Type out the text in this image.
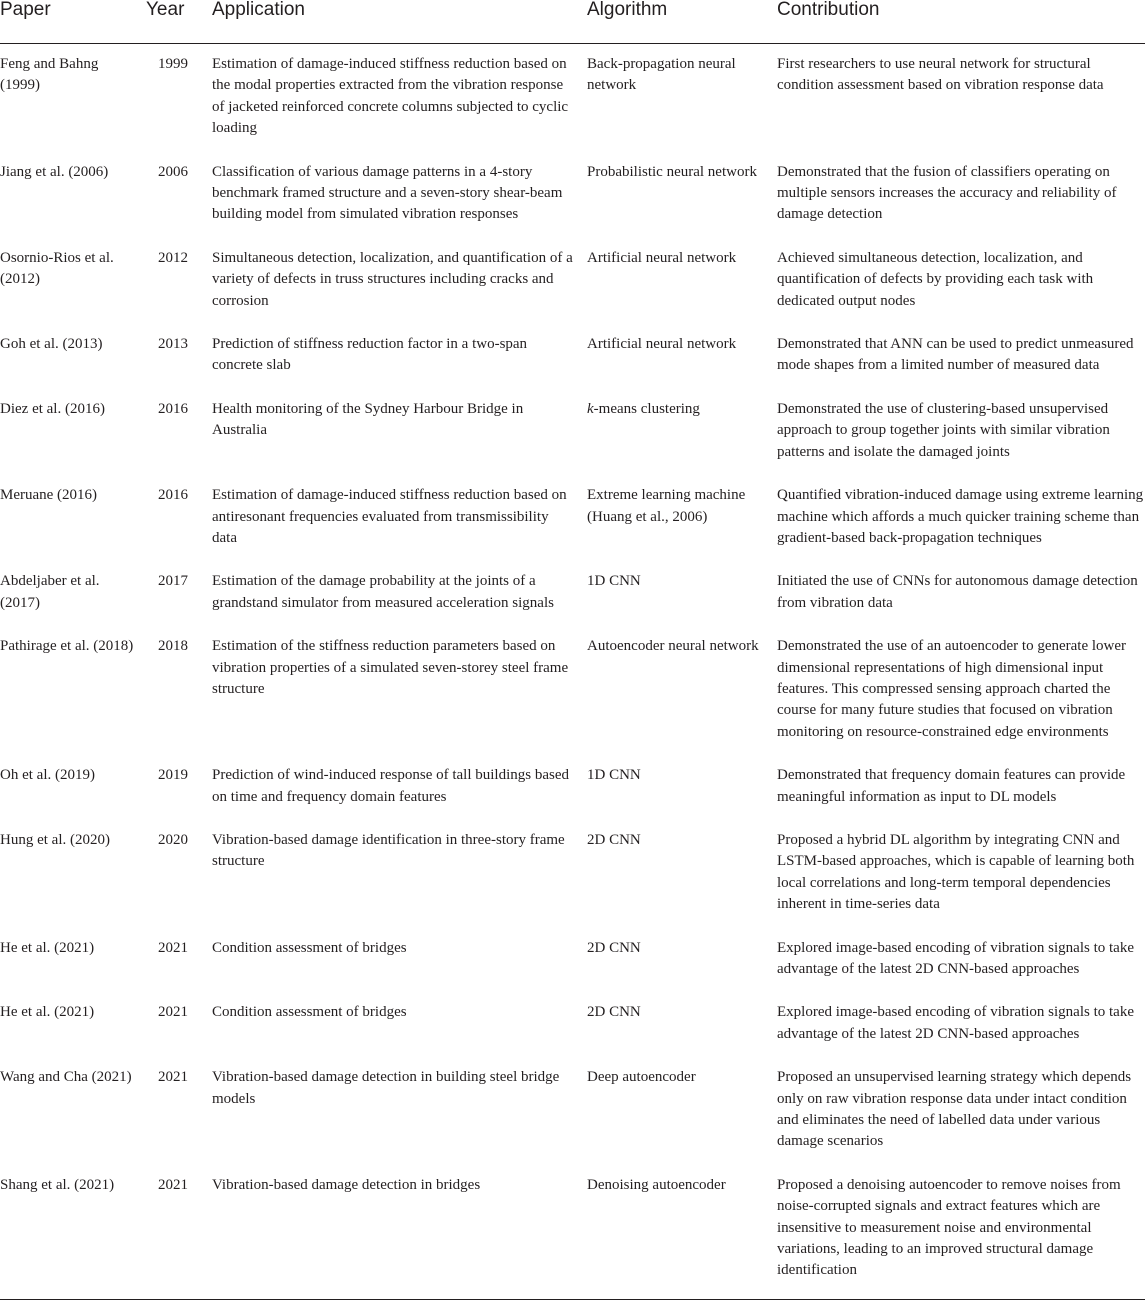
Paper	Year	Application	Algorithm	Contribution
Feng and Bahng (1999)	1999	Estimation of damage-induced stiffness reduction based on the modal properties extracted from the vibration response of jacketed reinforced concrete columns subjected to cyclic loading	Back-propagation neural network	First researchers to use neural network for structural condition assessment based on vibration response data
Jiang et al. (2006)	2006	Classification of various damage patterns in a 4-story benchmark framed structure and a seven-story shear-beam building model from simulated vibration responses	Probabilistic neural network	Demonstrated that the fusion of classifiers operating on multiple sensors increases the accuracy and reliability of damage detection
Osornio-Rios et al. (2012)	2012	Simultaneous detection, localization, and quantification of a variety of defects in truss structures including cracks and corrosion	Artificial neural network	Achieved simultaneous detection, localization, and quantification of defects by providing each task with dedicated output nodes
Goh et al. (2013)	2013	Prediction of stiffness reduction factor in a two-span concrete slab	Artificial neural network	Demonstrated that ANN can be used to predict unmeasured mode shapes from a limited number of measured data
Diez et al. (2016)	2016	Health monitoring of the Sydney Harbour Bridge in Australia	k-means clustering	Demonstrated the use of clustering-based unsupervised approach to group together joints with similar vibration patterns and isolate the damaged joints
Meruane (2016)	2016	Estimation of damage-induced stiffness reduction based on antiresonant frequencies evaluated from transmissibility data	Extreme learning machine (Huang et al., 2006)	Quantified vibration-induced damage using extreme learning machine which affords a much quicker training scheme than gradient-based back-propagation techniques
Abdeljaber et al. (2017)	2017	Estimation of the damage probability at the joints of a grandstand simulator from measured acceleration signals	1D CNN	Initiated the use of CNNs for autonomous damage detection from vibration data
Pathirage et al. (2018)	2018	Estimation of the stiffness reduction parameters based on vibration properties of a simulated seven-storey steel frame structure	Autoencoder neural network	Demonstrated the use of an autoencoder to generate lower dimensional representations of high dimensional input features. This compressed sensing approach charted the course for many future studies that focused on vibration monitoring on resource-constrained edge environments
Oh et al. (2019)	2019	Prediction of wind-induced response of tall buildings based on time and frequency domain features	1D CNN	Demonstrated that frequency domain features can provide meaningful information as input to DL models
Hung et al. (2020)	2020	Vibration-based damage identification in three-story frame structure	2D CNN	Proposed a hybrid DL algorithm by integrating CNN and LSTM-based approaches, which is capable of learning both local correlations and long-term temporal dependencies inherent in time-series data
He et al. (2021)	2021	Condition assessment of bridges	2D CNN	Explored image-based encoding of vibration signals to take advantage of the latest 2D CNN-based approaches
He et al. (2021)	2021	Condition assessment of bridges	2D CNN	Explored image-based encoding of vibration signals to take advantage of the latest 2D CNN-based approaches
Wang and Cha (2021)	2021	Vibration-based damage detection in building steel bridge models	Deep autoencoder	Proposed an unsupervised learning strategy which depends only on raw vibration response data under intact condition and eliminates the need of labelled data under various damage scenarios
Shang et al. (2021)	2021	Vibration-based damage detection in bridges	Denoising autoencoder	Proposed a denoising autoencoder to remove noises from noise-corrupted signals and extract features which are insensitive to measurement noise and environmental variations, leading to an improved structural damage identification
